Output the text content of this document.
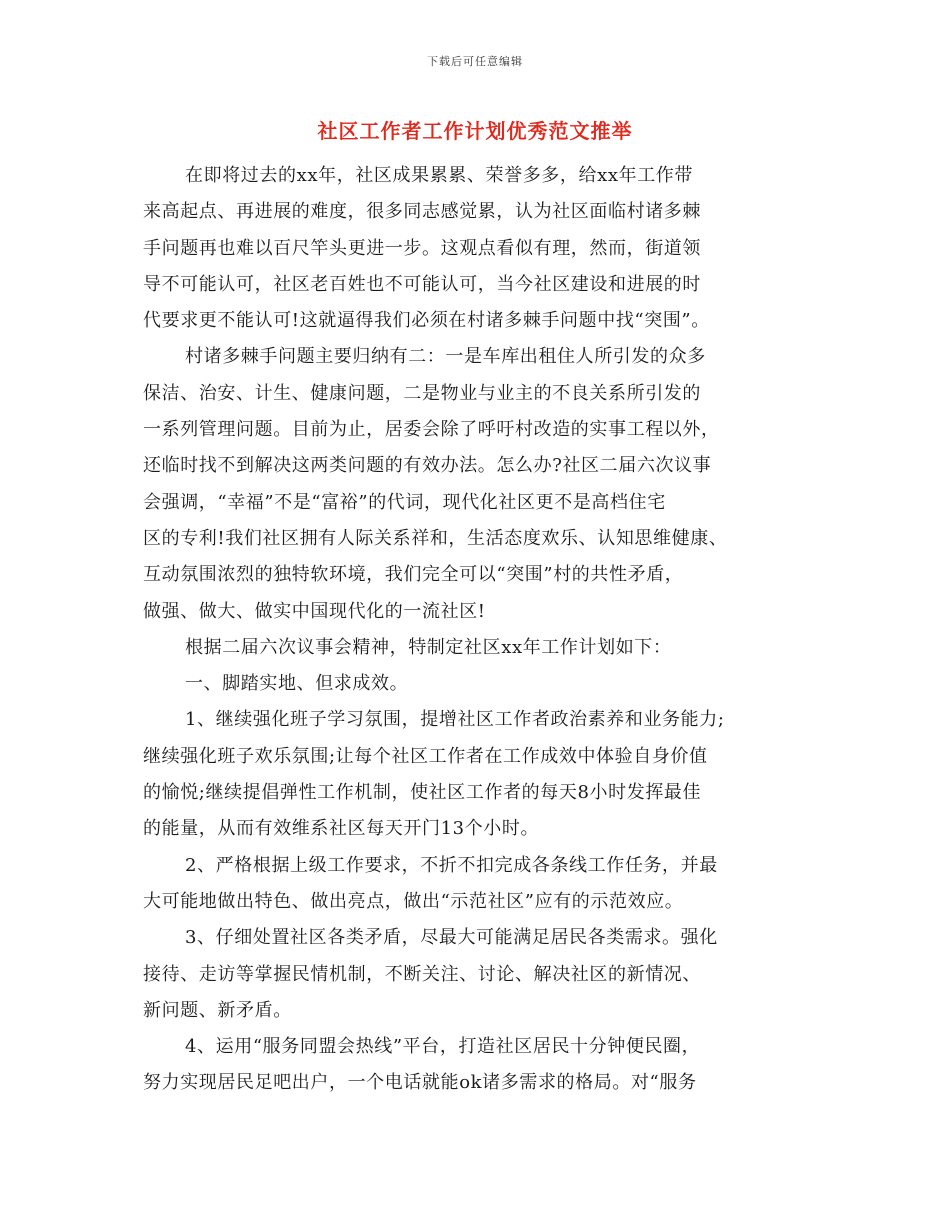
下载后可任意编辑
社区工作者工作计划优秀范文推举
在即将过去的xx年，社区成果累累、荣誉多多，给xx年工作带
来高起点、再进展的难度，很多同志感觉累，认为社区面临村诸多棘
手问题再也难以百尺竿头更进一步。这观点看似有理，然而，街道领
导不可能认可，社区老百姓也不可能认可，当今社区建设和进展的时
代要求更不能认可!这就逼得我们必须在村诸多棘手问题中找“突围”。
村诸多棘手问题主要归纳有二：一是车库出租住人所引发的众多
保洁、治安、计生、健康问题，二是物业与业主的不良关系所引发的
一系列管理问题。目前为止，居委会除了呼吁村改造的实事工程以外，
还临时找不到解决这两类问题的有效办法。怎么办?社区二届六次议事
会强调，“幸福”不是“富裕”的代词，现代化社区更不是高档住宅
区的专利!我们社区拥有人际关系祥和，生活态度欢乐、认知思维健康、
互动氛围浓烈的独特软环境，我们完全可以“突围”村的共性矛盾，
做强、做大、做实中国现代化的一流社区!
根据二届六次议事会精神，特制定社区xx年工作计划如下：
一、脚踏实地、但求成效。
1、继续强化班子学习氛围，提增社区工作者政治素养和业务能力;
继续强化班子欢乐氛围;让每个社区工作者在工作成效中体验自身价值
的愉悦;继续提倡弹性工作机制，使社区工作者的每天8小时发挥最佳
的能量，从而有效维系社区每天开门13个小时。
2、严格根据上级工作要求，不折不扣完成各条线工作任务，并最
大可能地做出特色、做出亮点，做出“示范社区”应有的示范效应。
3、仔细处置社区各类矛盾，尽最大可能满足居民各类需求。强化
接待、走访等掌握民情机制，不断关注、讨论、解决社区的新情况、
新问题、新矛盾。
4、运用“服务同盟会热线”平台，打造社区居民十分钟便民圈，
努力实现居民足吧出户，一个电话就能ok诸多需求的格局。对“服务
